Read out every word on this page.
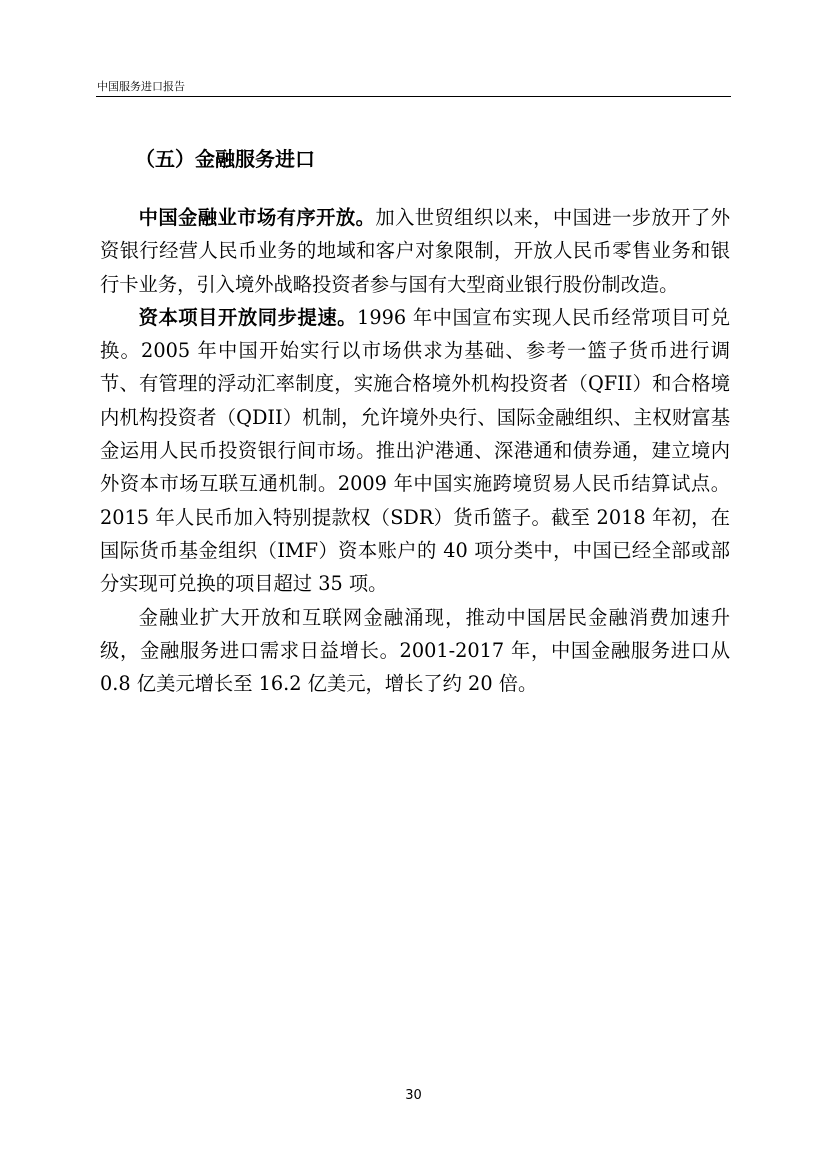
中国服务进口报告
（五）金融服务进口

中国金融业市场有序开放。加入世贸组织以来，中国进一步放开了外资银行经营人民币业务的地域和客户对象限制，开放人民币零售业务和银行卡业务，引入境外战略投资者参与国有大型商业银行股份制改造。

资本项目开放同步提速。1996 年中国宣布实现人民币经常项目可兑换。2005 年中国开始实行以市场供求为基础、参考一篮子货币进行调节、有管理的浮动汇率制度，实施合格境外机构投资者（QFII）和合格境内机构投资者（QDII）机制，允许境外央行、国际金融组织、主权财富基金运用人民币投资银行间市场。推出沪港通、深港通和债券通，建立境内外资本市场互联互通机制。2009 年中国实施跨境贸易人民币结算试点。2015 年人民币加入特别提款权（SDR）货币篮子。截至 2018 年初，在国际货币基金组织（IMF）资本账户的 40 项分类中，中国已经全部或部分实现可兑换的项目超过 35 项。

金融业扩大开放和互联网金融涌现，推动中国居民金融消费加速升级，金融服务进口需求日益增长。2001-2017 年，中国金融服务进口从 0.8 亿美元增长至 16.2 亿美元，增长了约 20 倍。

30
